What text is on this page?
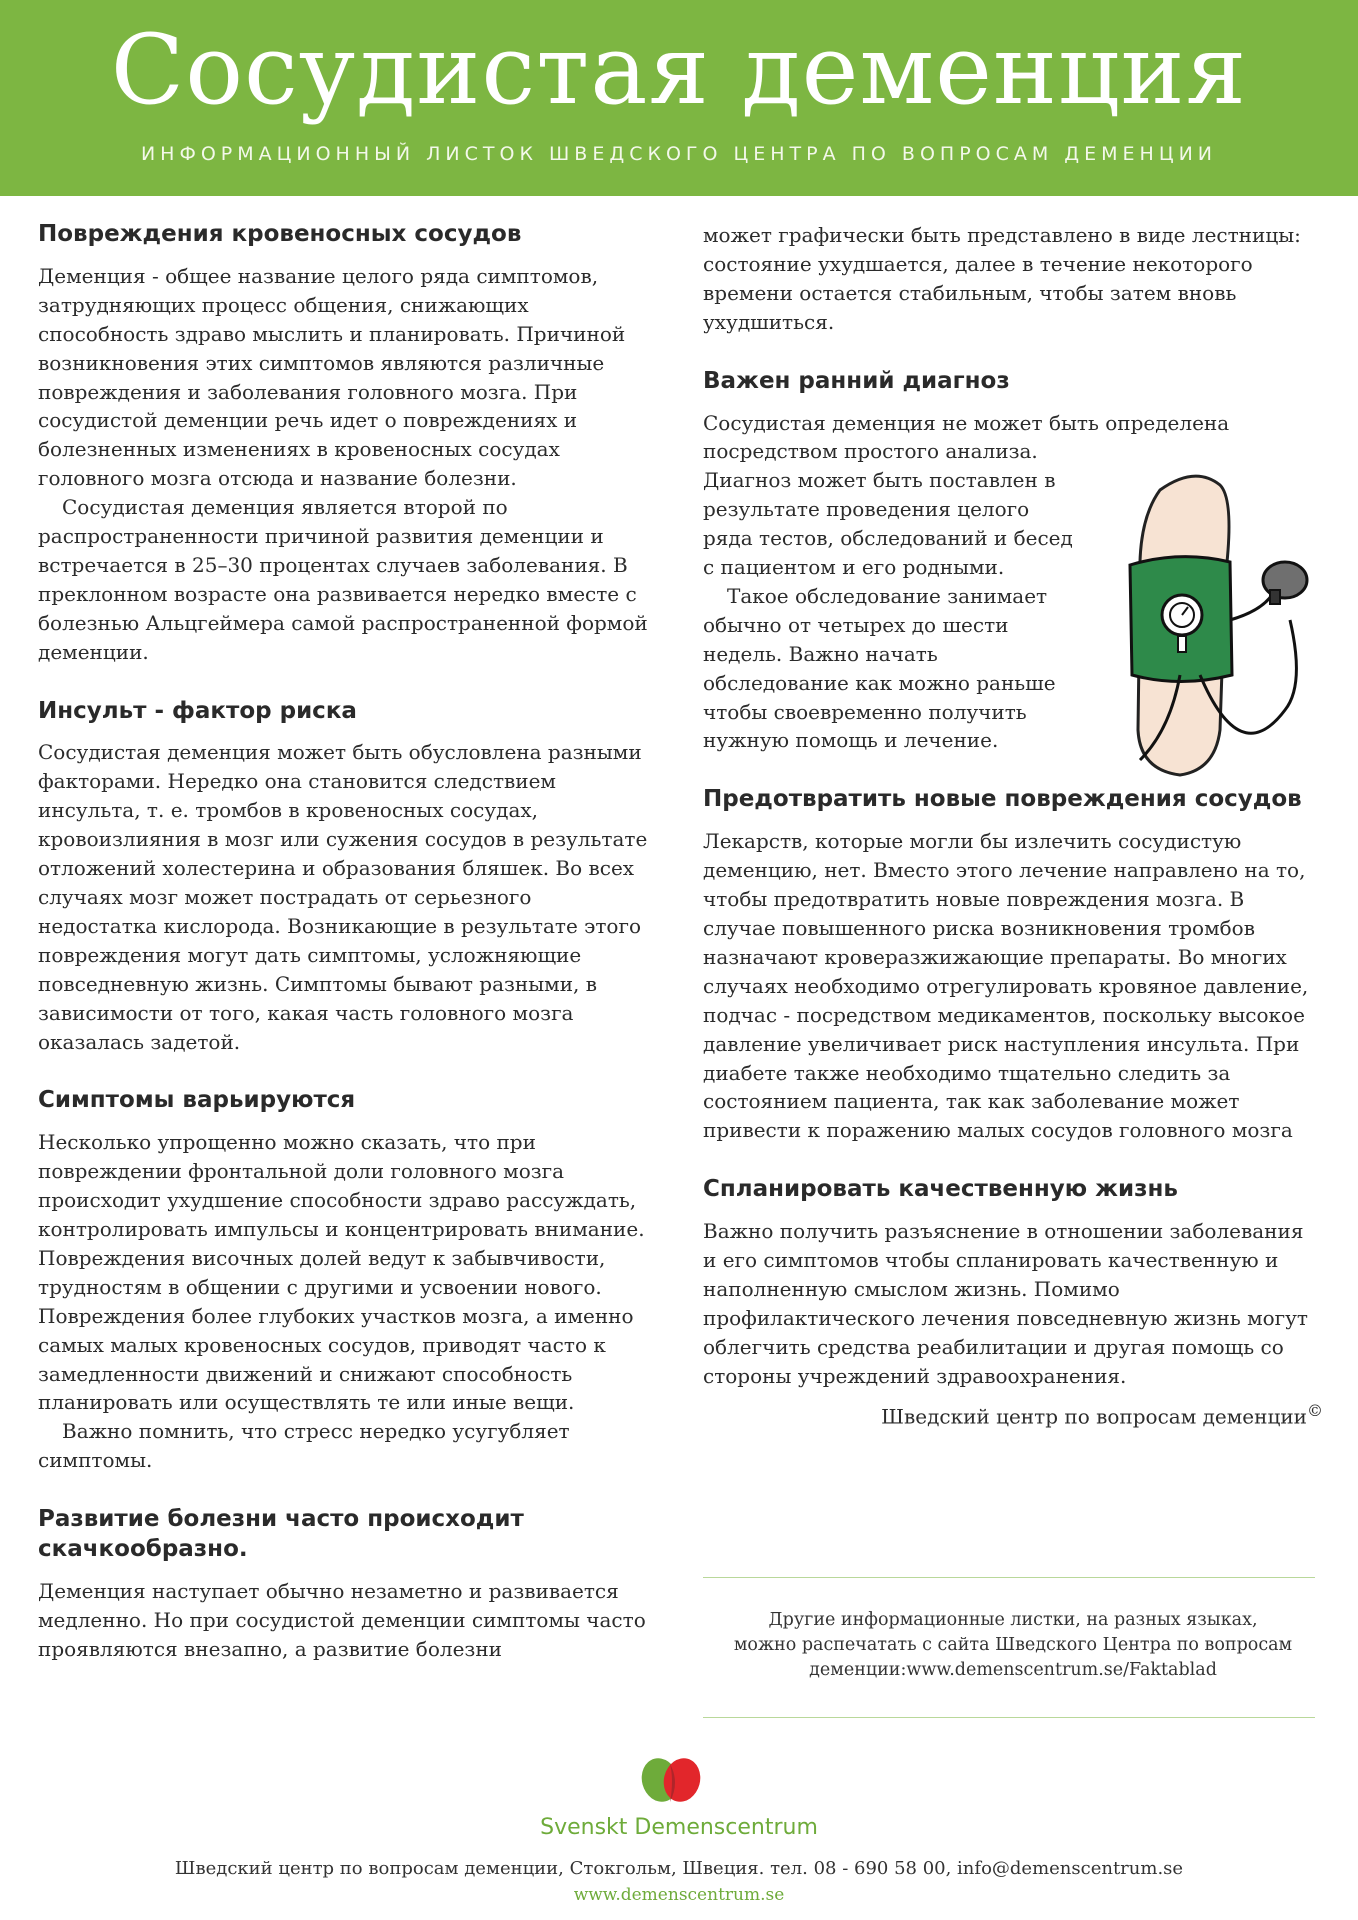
Сосудистая деменция
ИНФОРМАЦИОННЫЙ ЛИСТОК ШВЕДСКОГО ЦЕНТРА ПО ВОПРОСАМ ДЕМЕНЦИИ
Повреждения кровеносных сосудов

Деменция - общее название целого ряда симптомов, затрудняющих процесс общения, снижающих способность здраво мыслить и планировать. Причиной возникновения этих симптомов являются различные повреждения и заболевания головного мозга. При сосудистой деменции речь идет о повреждениях и болезненных изменениях в кровеносных сосудах головного мозга отсюда и название болезни.

Сосудистая деменция является второй по распространенности причиной развития деменции и встречается в 25–30 процентах случаев заболевания. В преклонном возрасте она развивается нередко вместе с болезнью Альцгеймера самой распространенной формой деменции.

Инсульт - фактор риска

Сосудистая деменция может быть обусловлена разными факторами. Нередко она становится следствием инсульта, т. е. тромбов в кровеносных сосудах, кровоизлияния в мозг или сужения сосудов в результате отложений холестерина и образования бляшек. Во всех случаях мозг может пострадать от серьезного недостатка кислорода. Возникающие в результате этого повреждения могут дать симптомы, усложняющие повседневную жизнь. Симптомы бывают разными, в зависимости от того, какая часть головного мозга оказалась задетой.

Симптомы варьируются

Несколько упрощенно можно сказать, что при повреждении фронтальной доли головного мозга происходит ухудшение способности здраво рассуждать, контролировать импульсы и концентрировать внимание. Повреждения височных долей ведут к забывчивости, трудностям в общении с другими и усвоении нового. Повреждения более глубоких участков мозга, а именно самых малых кровеносных сосудов, приводят часто к замедленности движений и снижают способность планировать или осуществлять те или иные вещи.

Важно помнить, что стресс нередко усугубляет симптомы.

Развитие болезни часто происходит скачкообразно.

Деменция наступает обычно незаметно и развивается медленно. Но при сосудистой деменции симптомы часто проявляются внезапно, а развитие болезни

может графически быть представлено в виде лестницы: состояние ухудшается, далее в течение некоторого времени остается стабильным, чтобы затем вновь ухудшиться.

Важен ранний диагноз

Сосудистая деменция не может быть определена посредством простого анализа.

Диагноз может быть поставлен в результате проведения целого ряда тестов, обследований и бесед с пациентом и его родными.

Такое обследование занимает обычно от четырех до шести недель. Важно начать обследование как можно раньше чтобы своевременно получить нужную помощь и лечение.

Предотвратить новые повреждения сосудов

Лекарств, которые могли бы излечить сосудистую деменцию, нет. Вместо этого лечение направлено на то, чтобы предотвратить новые повреждения мозга. В случае повышенного риска возникновения тромбов назначают кроверазжижающие препараты. Во многих случаях необходимо отрегулировать кровяное давление, подчас - посредством медикаментов, поскольку высокое давление увеличивает риск наступления инсульта. При диабете также необходимо тщательно следить за состоянием пациента, так как заболевание может привести к поражению малых сосудов головного мозга

Спланировать качественную жизнь

Важно получить разъяснение в отношении заболевания и его симптомов чтобы спланировать качественную и наполненную смыслом жизнь. Помимо профилактического лечения повседневную жизнь могут облегчить средства реабилитации и другая помощь со стороны учреждений здравоохранения.

Шведский центр по вопросам деменции©
Другие информационные листки, на разных языках,
можно распечатать с сайта Шведского Центра по вопросам
деменции:www.demenscentrum.se/Faktablad
Svenskt Demenscentrum
Шведский центр по вопросам деменции, Стокгольм, Швеция. тел. 08 - 690 58 00, info@demenscentrum.se
www.demenscentrum.se
